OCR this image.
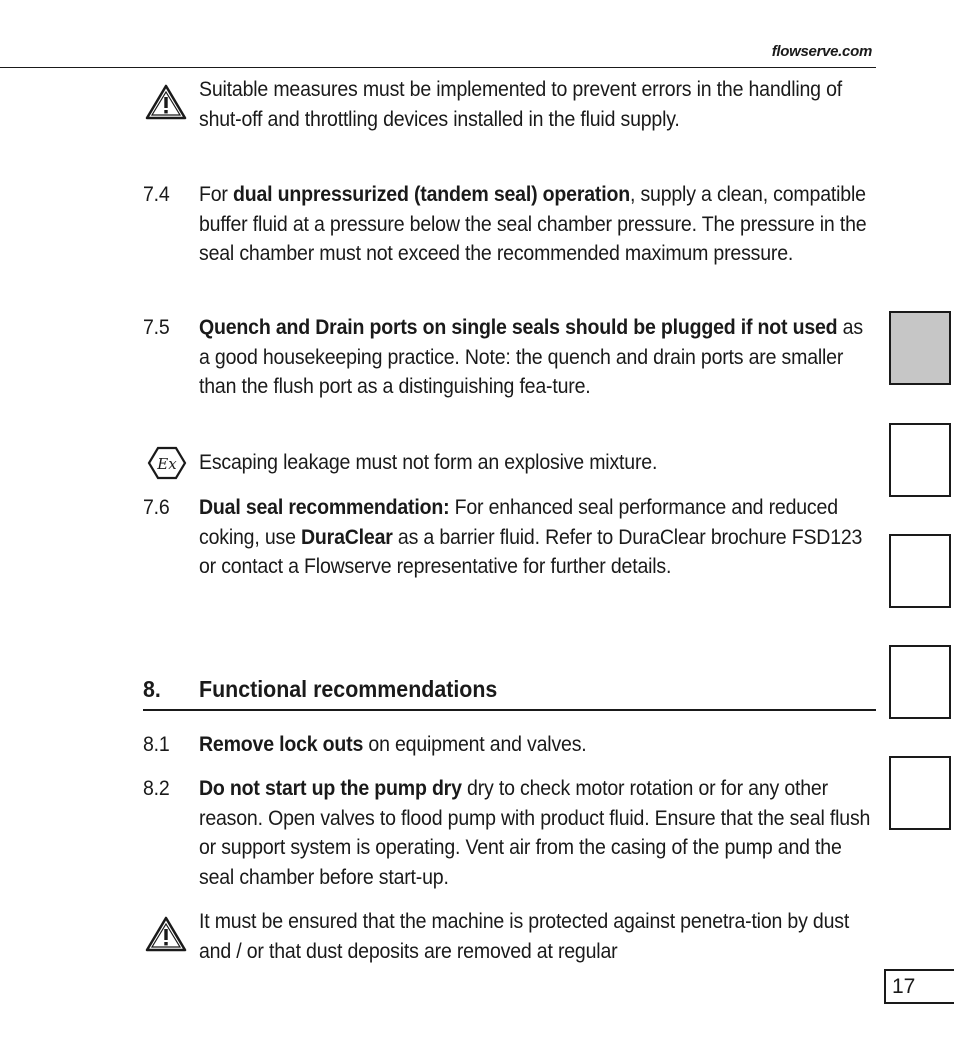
flowserve.com
Suitable measures must be implemented to prevent errors in the handling of shut-off and throttling devices installed in the fluid supply.
7.4 For dual unpressurized (tandem seal) operation, supply a clean, compatible buffer fluid at a pressure below the seal chamber pressure. The pressure in the seal chamber must not exceed the recommended maximum pressure.
7.5 Quench and Drain ports on single seals should be plugged if not used as a good housekeeping practice. Note: the quench and drain ports are smaller than the flush port as a distinguishing fea-ture.
Ex Escaping leakage must not form an explosive mixture.
7.6 Dual seal recommendation: For enhanced seal performance and reduced coking, use DuraClear as a barrier fluid. Refer to DuraClear brochure FSD123 or contact a Flowserve representative for further details.
8. Functional recommendations
8.1 Remove lock outs on equipment and valves.
8.2 Do not start up the pump dry dry to check motor rotation or for any other reason. Open valves to flood pump with product fluid. Ensure that the seal flush or support system is operating. Vent air from the casing of the pump and the seal chamber before start-up.
It must be ensured that the machine is protected against penetra-tion by dust and / or that dust deposits are removed at regular
17
